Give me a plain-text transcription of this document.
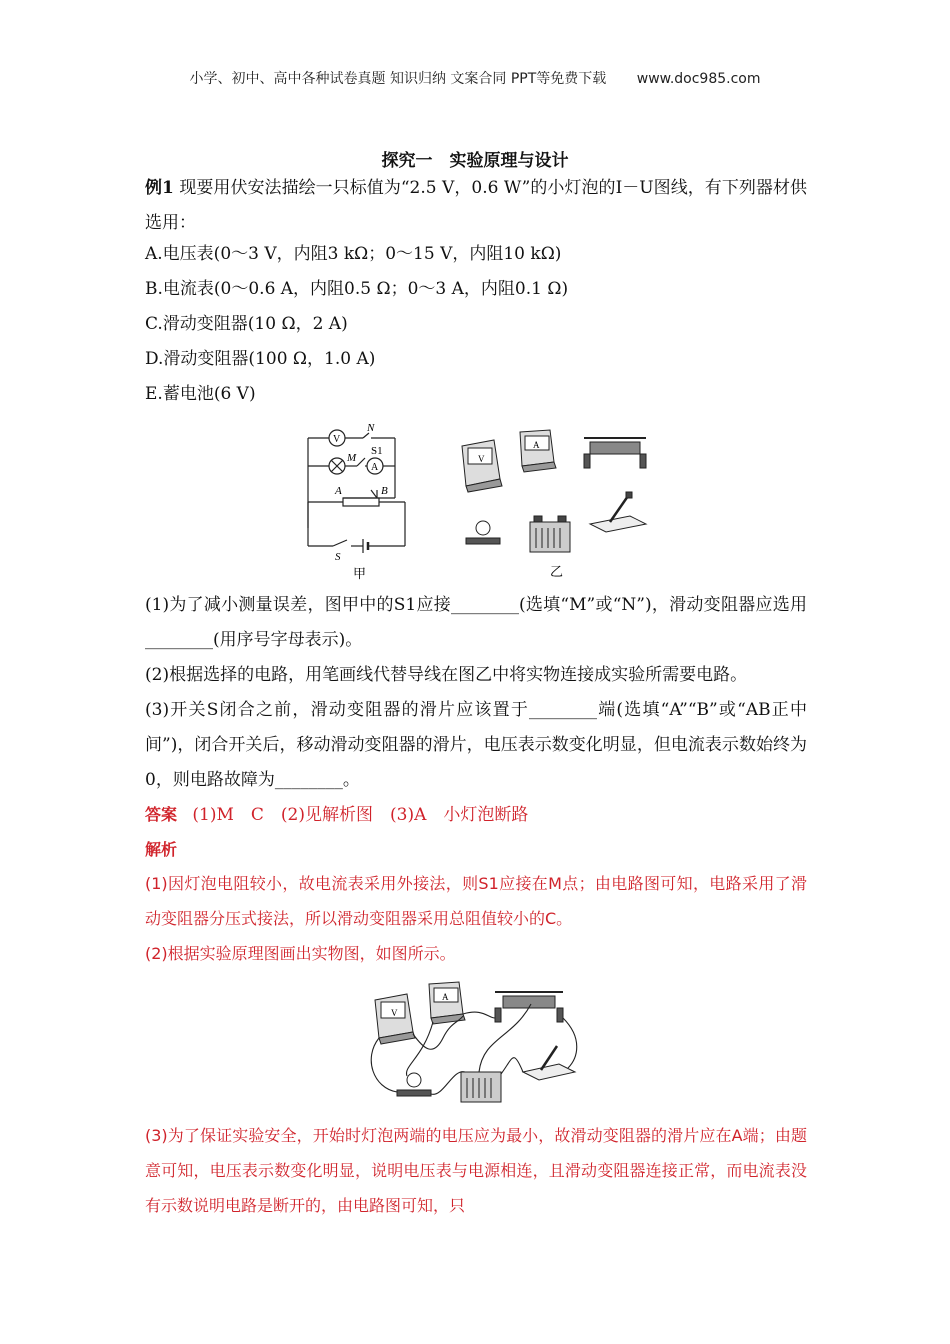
小学、初中、高中各种试卷真题 知识归纳 文案合同 PPT等免费下载 www.doc985.com
探究一　实验原理与设计
例1 现要用伏安法描绘一只标值为“2.5 V，0.6 W”的小灯泡的I－U图线，有下列器材供选用：
A.电压表(0～3 V，内阻3 kΩ；0～15 V，内阻10 kΩ)
B.电流表(0～0.6 A，内阻0.5 Ω；0～3 A，内阻0.1 Ω)
C.滑动变阻器(10 Ω，2 A)
D.滑动变阻器(100 Ω，1.0 A)
E.蓄电池(6 V)
V
A
N
M
S1
A	B
S
甲
V
A
乙
(1)为了减小测量误差，图甲中的S1应接________(选填“M”或“N”)，滑动变阻器应选用________(用序号字母表示)。
(2)根据选择的电路，用笔画线代替导线在图乙中将实物连接成实验所需要电路。
(3)开关S闭合之前，滑动变阻器的滑片应该置于________端(选填“A”“B”或“AB正中间”)，闭合开关后，移动滑动变阻器的滑片，电压表示数变化明显，但电流表示数始终为0，则电路故障为________。
答案 (1)M　C　(2)见解析图　(3)A　小灯泡断路
解析
(1)因灯泡电阻较小，故电流表采用外接法，则S1应接在M点；由电路图可知，电路采用了滑动变阻器分压式接法，所以滑动变阻器采用总阻值较小的C。
(2)根据实验原理图画出实物图，如图所示。
V
A
(3)为了保证实验安全，开始时灯泡两端的电压应为最小，故滑动变阻器的滑片应在A端；由题意可知，电压表示数变化明显，说明电压表与电源相连，且滑动变阻器连接正常，而电流表没有示数说明电路是断开的，由电路图可知，只
